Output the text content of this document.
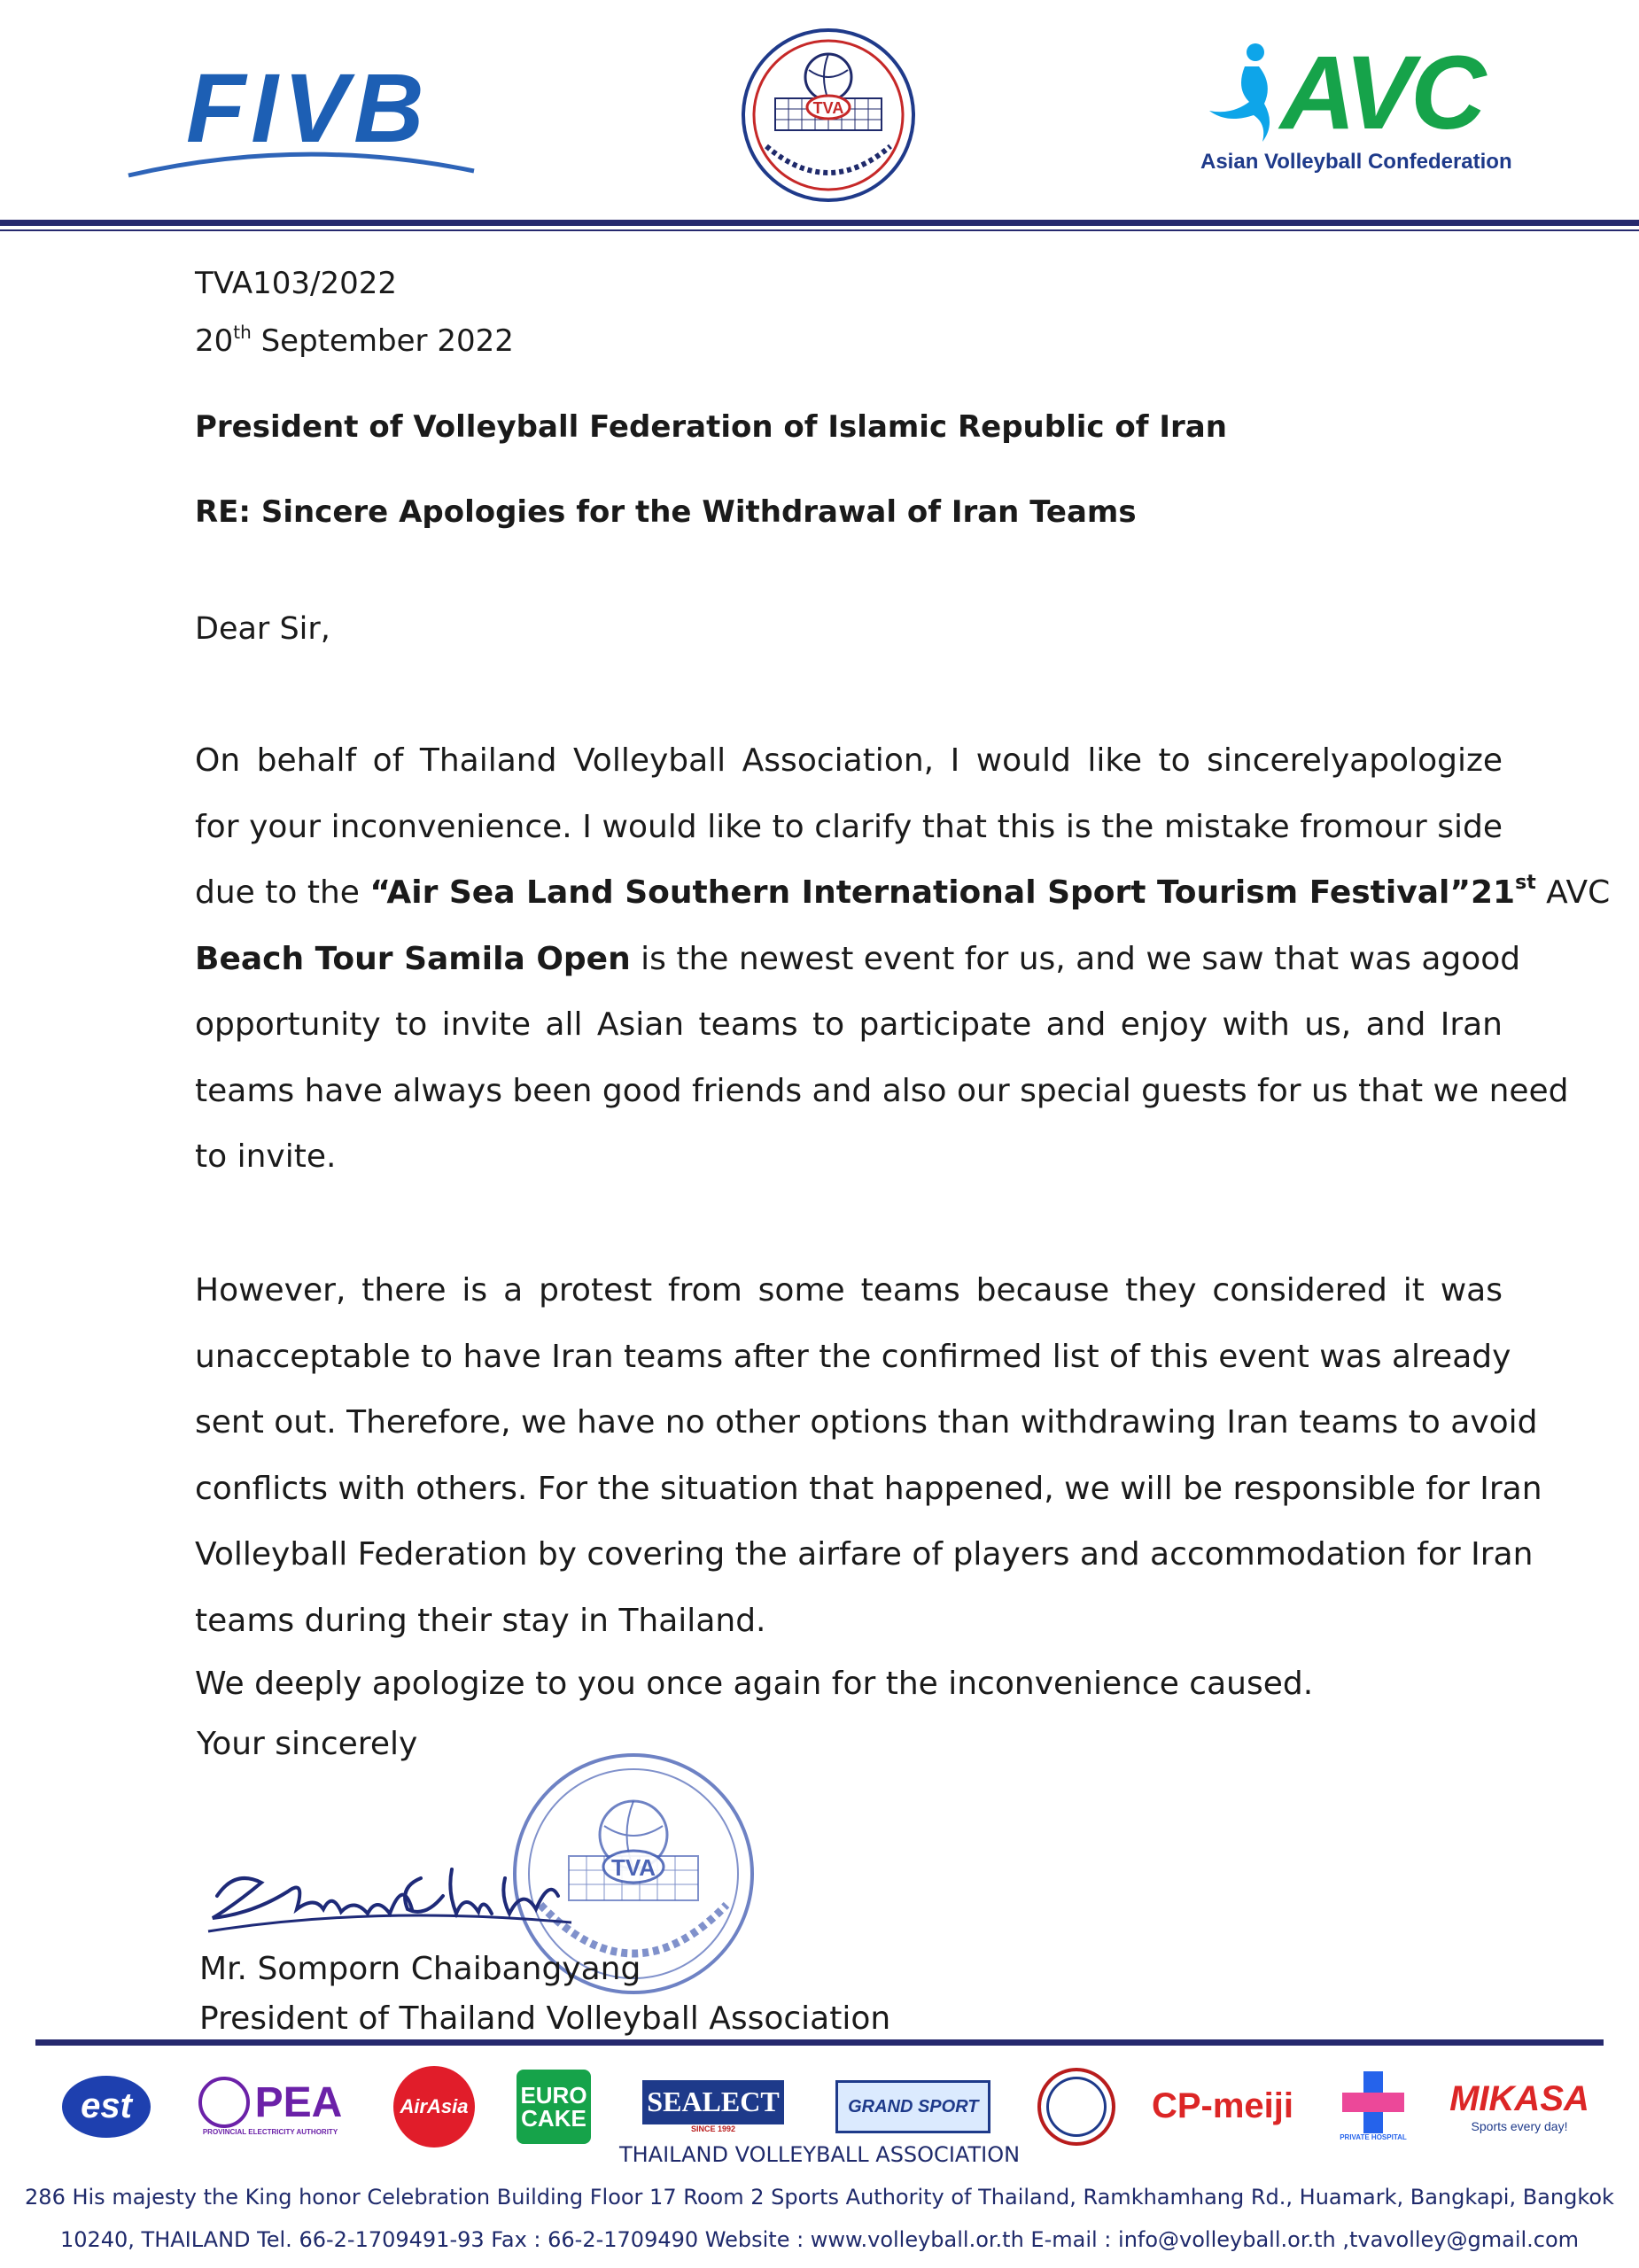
FIVB	TVA	AVC
Asian Volleyball Confederation
TVA103/2022
20th September 2022
President of Volleyball Federation of Islamic Republic of Iran
RE: Sincere Apologies for the Withdrawal of Iran Teams
Dear Sir,
On behalf of Thailand Volleyball Association, I would like to sincerelyapologize
for your inconvenience. I would like to clarify that this is the mistake fromour side
due to the “Air Sea Land Southern International Sport Tourism Festival”21st AVC
Beach Tour Samila Open is the newest event for us, and we saw that was agood
opportunity to invite all Asian teams to participate and enjoy with us, and Iran
teams have always been good friends and also our special guests for us that we need
to invite.
However, there is a protest from some teams because they considered it was
unacceptable to have Iran teams after the confirmed list of this event was already
sent out. Therefore, we have no other options than withdrawing Iran teams to avoid
conflicts with others. For the situation that happened, we will be responsible for Iran
Volleyball Federation by covering the airfare of players and accommodation for Iran
teams during their stay in Thailand.
We deeply apologize to you once again for the inconvenience caused.
Your sincerely
TVA
Mr. Somporn Chaibangyang
President of Thailand Volleyball Association
est	PEA
PROVINCIAL ELECTRICITY AUTHORITY
AirAsia EURO CAKE
SEALECT
SINCE 1992
GRAND SPORT	CP-meiji
PRIVATE HOSPITAL
MIKASA
Sports every day!
THAILAND VOLLEYBALL ASSOCIATION
286 His majesty the King honor Celebration Building Floor 17 Room 2 Sports Authority of Thailand, Ramkhamhang Rd., Huamark, Bangkapi, Bangkok
10240, THAILAND Tel. 66-2-1709491-93 Fax : 66-2-1709490 Website : www.volleyball.or.th E-mail : info@volleyball.or.th ,tvavolley@gmail.com
